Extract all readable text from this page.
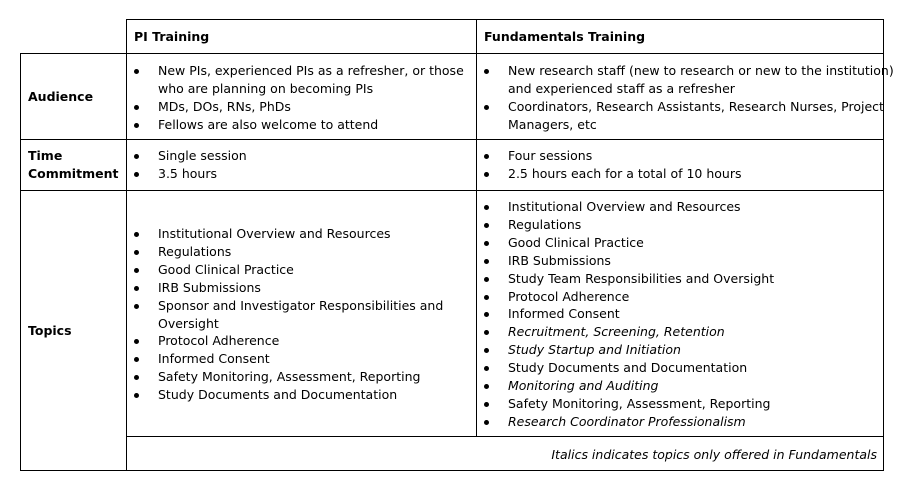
PI Training	Fundamentals Training
Audience
Time
Commitment
Topics
New PIs, experienced PIs as a refresher, or those
who are planning on becoming PIs
MDs, DOs, RNs, PhDs
Fellows are also welcome to attend
New research staff (new to research or new to the institution)
and experienced staff as a refresher
Coordinators, Research Assistants, Research Nurses, Project
Managers, etc
Single session
3.5 hours
Four sessions
2.5 hours each for a total of 10 hours
Institutional Overview and Resources
Regulations
Good Clinical Practice
IRB Submissions
Sponsor and Investigator Responsibilities and
Oversight
Protocol Adherence
Informed Consent
Safety Monitoring, Assessment, Reporting
Study Documents and Documentation
Institutional Overview and Resources
Regulations
Good Clinical Practice
IRB Submissions
Study Team Responsibilities and Oversight
Protocol Adherence
Informed Consent
Recruitment, Screening, Retention
Study Startup and Initiation
Study Documents and Documentation
Monitoring and Auditing
Safety Monitoring, Assessment, Reporting
Research Coordinator Professionalism
Italics indicates topics only offered in Fundamentals
